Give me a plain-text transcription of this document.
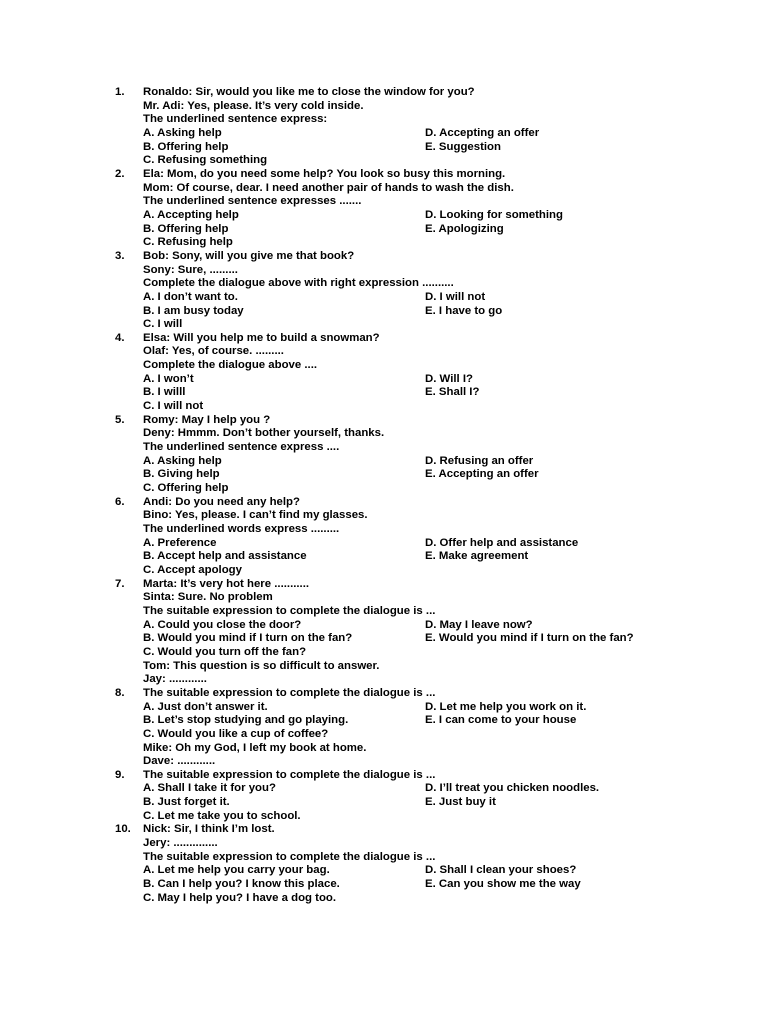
1.	Ronaldo: Sir, would you like me to close the window for you?
Mr. Adi: Yes, please. It’s very cold inside.
The underlined sentence express:
A. Asking help	D. Accepting an offer
B. Offering help	E. Suggestion
C. Refusing something
2.	Ela: Mom, do you need some help? You look so busy this morning.
Mom: Of course, dear. I need another pair of hands to wash the dish.
The underlined sentence expresses .......
A. Accepting help	D. Looking for something
B. Offering help	E. Apologizing
C. Refusing help
3.	Bob: Sony, will you give me that book?
Sony: Sure, .........
Complete the dialogue above with right expression ..........
A. I don’t want to.	D. I will not
B. I am busy today	E. I have to go
C. I will
4.	Elsa: Will you help me to build a snowman?
Olaf: Yes, of course. .........
Complete the dialogue above ....
A. I won’t	D. Will I?
B. I willl	E. Shall I?
C. I will not
5.	Romy: May I help you ?
Deny: Hmmm. Don’t bother yourself, thanks.
The underlined sentence express ....
A. Asking help	D. Refusing an offer
B. Giving help	E. Accepting an offer
C. Offering help
6.	Andi: Do you need any help?
Bino: Yes, please. I can’t find my glasses.
The underlined words express .........
A. Preference	D. Offer help and assistance
B. Accept help and assistance	E. Make agreement
C. Accept apology
7.	Marta: It’s very hot here ...........
Sinta: Sure. No problem
The suitable expression to complete the dialogue is ...
A. Could you close the door?	D. May I leave now?
B. Would you mind if I turn on the fan?	E. Would you mind if I turn on the fan?
C. Would you turn off the fan?
Tom: This question is so difficult to answer.
Jay: ............
8.	The suitable expression to complete the dialogue is ...
A. Just don’t answer it.	D. Let me help you work on it.
B. Let’s stop studying and go playing.	E. I can come to your house
C. Would you like a cup of coffee?
Mike: Oh my God, I left my book at home.
Dave: ............
9.	The suitable expression to complete the dialogue is ...
A. Shall I take it for you?	D. I’ll treat you chicken noodles.
B. Just forget it.	E. Just buy it
C. Let me take you to school.
10.	Nick: Sir, I think I’m lost.
Jery: ..............
The suitable expression to complete the dialogue is ...
A. Let me help you carry your bag.	D. Shall I clean your shoes?
B. Can I help you? I know this place.	E. Can you show me the way
C. May I help you? I have a dog too.
